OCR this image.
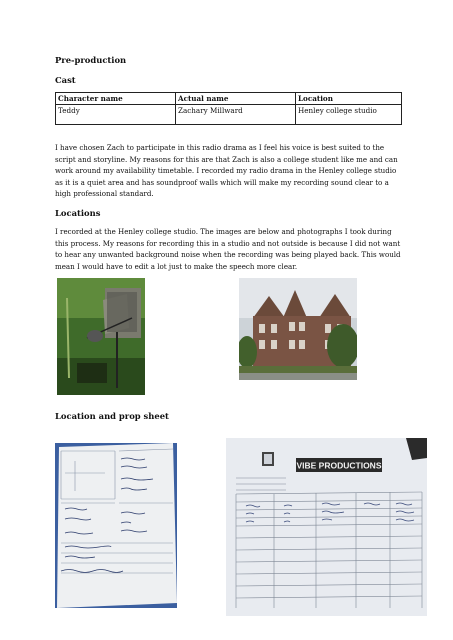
Pre-production
Cast
Character name	Actual name	Location
Teddy	Zachary Millward	Henley college studio
I have chosen Zach to participate in this radio drama as I feel his voice is best suited to the script and storyline. My reasons for this are that Zach is also a college student like me and can work around my availability timetable. I recorded my radio drama in the Henley college studio as it is a quiet area and has soundproof walls which will make my recording sound clear to a high professional standard.
Locations
I recorded at the Henley college studio. The images are below and photographs I took during this process. My reasons for recording this in a studio and not outside is because I did not want to hear any unwanted background noise when the recording was being played back. This would mean I would have to edit a lot just to make the speech more clear.
Location and prop sheet
VIBE PRODUCTIONS
